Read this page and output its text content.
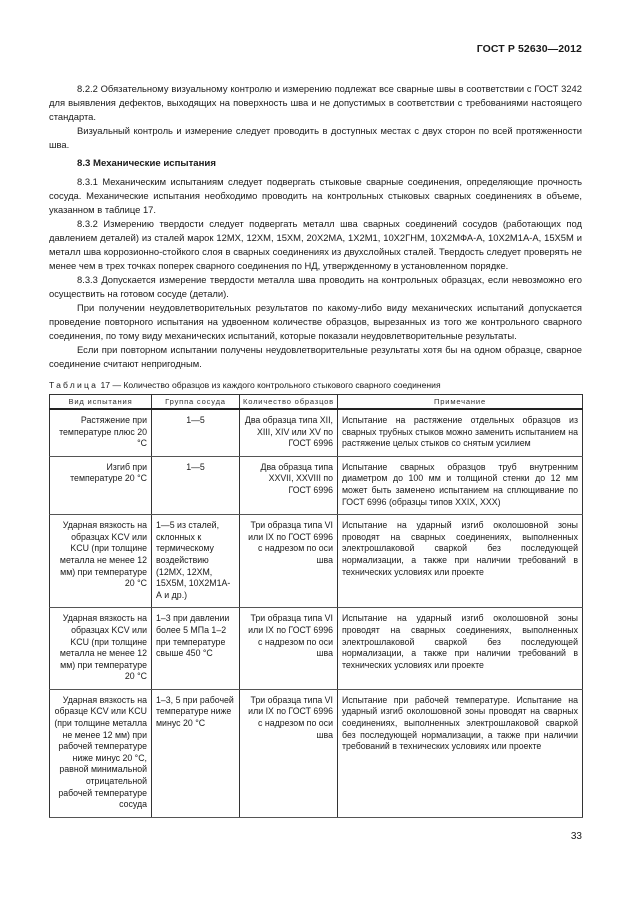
ГОСТ Р 52630—2012

8.2.2 Обязательному визуальному контролю и измерению подлежат все сварные швы в соответствии с ГОСТ 3242 для выявления дефектов, выходящих на поверхность шва и не допустимых в соответствии с требованиями настоящего стандарта.

Визуальный контроль и измерение следует проводить в доступных местах с двух сторон по всей протяженности шва.

8.3 Механические испытания

8.3.1 Механическим испытаниям следует подвергать стыковые сварные соединения, определяющие прочность сосуда. Механические испытания необходимо проводить на контрольных стыковых сварных соединениях в объеме, указанном в таблице 17.

8.3.2 Измерению твердости следует подвергать металл шва сварных соединений сосудов (работающих под давлением деталей) из сталей марок 12МХ, 12ХМ, 15ХМ, 20Х2МА, 1Х2М1, 10Х2ГНМ, 10Х2МФА-А, 10Х2М1А-А, 15Х5М и металл шва коррозионно-стойкого слоя в сварных соединениях из двухслойных сталей. Твердость следует проверять не менее чем в трех точках поперек сварного соединения по НД, утвержденному в установленном порядке.

8.3.3 Допускается измерение твердости металла шва проводить на контрольных образцах, если невозможно его осуществить на готовом сосуде (детали).

При получении неудовлетворительных результатов по какому-либо виду механических испытаний допускается проведение повторного испытания на удвоенном количестве образцов, вырезанных из того же контрольного сварного соединения, по тому виду механических испытаний, которые показали неудовлетворительные результаты.

Если при повторном испытании получены неудовлетворительные результаты хотя бы на одном образце, сварное соединение считают непригодным.

Таблица 17 — Количество образцов из каждого контрольного стыкового сварного соединения
Вид испытания	Группа сосуда	Количество образцов	Примечание
Растяжение при температуре плюс 20 °С	1—5	Два образца типа XII, XIII, XIV или XV по ГОСТ 6996	Испытание на растяжение отдельных образцов из сварных трубных стыков можно заменить испытанием на растяжение целых стыков со снятым усилием
Изгиб при температуре 20 °С	1—5	Два образца типа XXVII, XXVIII по ГОСТ 6996	Испытание сварных образцов труб внутренним диаметром до 100 мм и толщиной стенки до 12 мм может быть заменено испытанием на сплющивание по ГОСТ 6996 (образцы типов XXIX, XXX)
Ударная вязкость на образцах KCV или KCU (при толщине металла не менее 12 мм) при температуре 20 °С	1—5 из сталей, склонных к термическому воздействию (12МХ, 12ХМ, 15Х5М, 10Х2М1А-А и др.)	Три образца типа VI или IX по ГОСТ 6996 с надрезом по оси шва	Испытание на ударный изгиб околошовной зоны проводят на сварных соединениях, выполненных электрошлаковой сваркой без последующей нормализации, а также при наличии требований в технических условиях или проекте
Ударная вязкость на образцах KCV или KCU (при толщине металла не менее 12 мм) при температуре 20 °С	1–3 при давлении более 5 МПа 1–2 при температуре свыше 450 °С	Три образца типа VI или IX по ГОСТ 6996 с надрезом по оси шва	Испытание на ударный изгиб околошовной зоны проводят на сварных соединениях, выполненных электрошлаковой сваркой без последующей нормализации, а также при наличии требований в технических условиях или проекте
Ударная вязкость на образце KCV или KCU (при толщине металла не менее 12 мм) при рабочей температуре ниже минус 20 °С, равной минимальной отрицательной рабочей температуре сосуда	1–3, 5 при рабочей температуре ниже минус 20 °С	Три образца типа VI или IX по ГОСТ 6996 с надрезом по оси шва	Испытание при рабочей температуре. Испытание на ударный изгиб околошовной зоны проводят на сварных соединениях, выполненных электрошлаковой сваркой без последующей нормализации, а также при наличии требований в технических условиях или проекте
33
